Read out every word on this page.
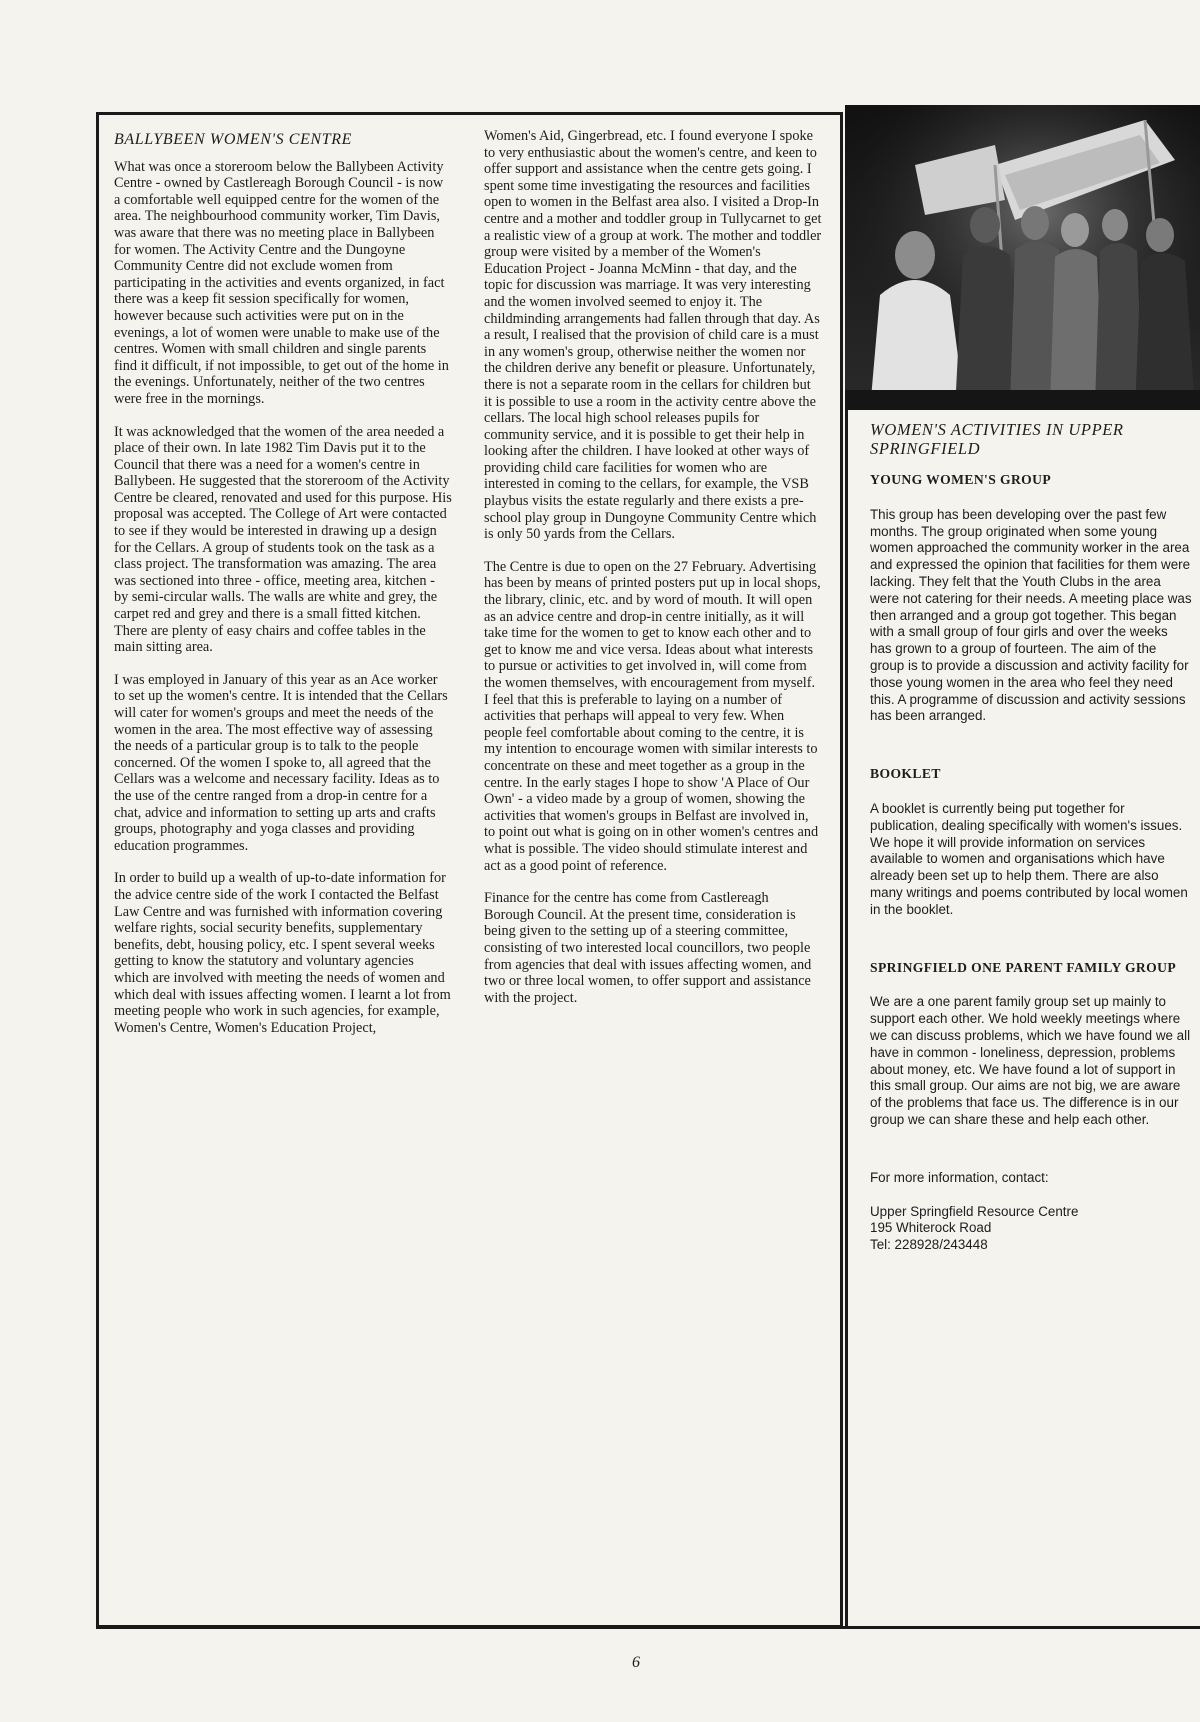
BALLYBEEN WOMEN'S CENTRE

What was once a storeroom below the Ballybeen Activity Centre - owned by Castlereagh Borough Council - is now a comfortable well equipped centre for the women of the area. The neighbourhood community worker, Tim Davis, was aware that there was no meeting place in Ballybeen for women. The Activity Centre and the Dungoyne Community Centre did not exclude women from participating in the activities and events organized, in fact there was a keep fit session specifically for women, however because such activities were put on in the evenings, a lot of women were unable to make use of the centres. Women with small children and single parents find it difficult, if not impossible, to get out of the home in the evenings. Unfortunately, neither of the two centres were free in the mornings.

It was acknowledged that the women of the area needed a place of their own. In late 1982 Tim Davis put it to the Council that there was a need for a women's centre in Ballybeen. He suggested that the storeroom of the Activity Centre be cleared, renovated and used for this purpose. His proposal was accepted. The College of Art were contacted to see if they would be interested in drawing up a design for the Cellars. A group of students took on the task as a class project. The transformation was amazing. The area was sectioned into three - office, meeting area, kitchen - by semi-circular walls. The walls are white and grey, the carpet red and grey and there is a small fitted kitchen. There are plenty of easy chairs and coffee tables in the main sitting area.

I was employed in January of this year as an Ace worker to set up the women's centre. It is intended that the Cellars will cater for women's groups and meet the needs of the women in the area. The most effective way of assessing the needs of a particular group is to talk to the people concerned. Of the women I spoke to, all agreed that the Cellars was a welcome and necessary facility. Ideas as to the use of the centre ranged from a drop-in centre for a chat, advice and information to setting up arts and crafts groups, photography and yoga classes and providing education programmes.

In order to build up a wealth of up-to-date information for the advice centre side of the work I contacted the Belfast Law Centre and was furnished with information covering welfare rights, social security benefits, supplementary benefits, debt, housing policy, etc. I spent several weeks getting to know the statutory and voluntary agencies which are involved with meeting the needs of women and which deal with issues affecting women. I learnt a lot from meeting people who work in such agencies, for example, Women's Centre, Women's Education Project,

Women's Aid, Gingerbread, etc. I found everyone I spoke to very enthusiastic about the women's centre, and keen to offer support and assistance when the centre gets going. I spent some time investigating the resources and facilities open to women in the Belfast area also. I visited a Drop-In centre and a mother and toddler group in Tullycarnet to get a realistic view of a group at work. The mother and toddler group were visited by a member of the Women's Education Project - Joanna McMinn - that day, and the topic for discussion was marriage. It was very interesting and the women involved seemed to enjoy it. The childminding arrangements had fallen through that day. As a result, I realised that the provision of child care is a must in any women's group, otherwise neither the women nor the children derive any benefit or pleasure. Unfortunately, there is not a separate room in the cellars for children but it is possible to use a room in the activity centre above the cellars. The local high school releases pupils for community service, and it is possible to get their help in looking after the children. I have looked at other ways of providing child care facilities for women who are interested in coming to the cellars, for example, the VSB playbus visits the estate regularly and there exists a pre-school play group in Dungoyne Community Centre which is only 50 yards from the Cellars.

The Centre is due to open on the 27 February. Advertising has been by means of printed posters put up in local shops, the library, clinic, etc. and by word of mouth. It will open as an advice centre and drop-in centre initially, as it will take time for the women to get to know each other and to get to know me and vice versa. Ideas about what interests to pursue or activities to get involved in, will come from the women themselves, with encouragement from myself. I feel that this is preferable to laying on a number of activities that perhaps will appeal to very few. When people feel comfortable about coming to the centre, it is my intention to encourage women with similar interests to concentrate on these and meet together as a group in the centre. In the early stages I hope to show 'A Place of Our Own' - a video made by a group of women, showing the activities that women's groups in Belfast are involved in, to point out what is going on in other women's centres and what is possible. The video should stimulate interest and act as a good point of reference.

Finance for the centre has come from Castlereagh Borough Council. At the present time, consideration is being given to the setting up of a steering committee, consisting of two interested local councillors, two people from agencies that deal with issues affecting women, and two or three local women, to offer support and assistance with the project.

WOMEN'S ACTIVITIES IN UPPER SPRINGFIELD
YOUNG WOMEN'S GROUP

This group has been developing over the past few months. The group originated when some young women approached the community worker in the area and expressed the opinion that facilities for them were lacking. They felt that the Youth Clubs in the area were not catering for their needs. A meeting place was then arranged and a group got together. This began with a small group of four girls and over the weeks has grown to a group of fourteen. The aim of the group is to provide a discussion and activity facility for those young women in the area who feel they need this. A programme of discussion and activity sessions has been arranged.

BOOKLET

A booklet is currently being put together for publication, dealing specifically with women's issues. We hope it will provide information on services available to women and organisations which have already been set up to help them. There are also many writings and poems contributed by local women in the booklet.

SPRINGFIELD ONE PARENT FAMILY GROUP

We are a one parent family group set up mainly to support each other. We hold weekly meetings where we can discuss problems, which we have found we all have in common - loneliness, depression, problems about money, etc. We have found a lot of support in this small group. Our aims are not big, we are aware of the problems that face us. The difference is in our group we can share these and help each other.

For more information, contact:

Upper Springfield Resource Centre

195 Whiterock Road

Tel: 228928/243448

6
